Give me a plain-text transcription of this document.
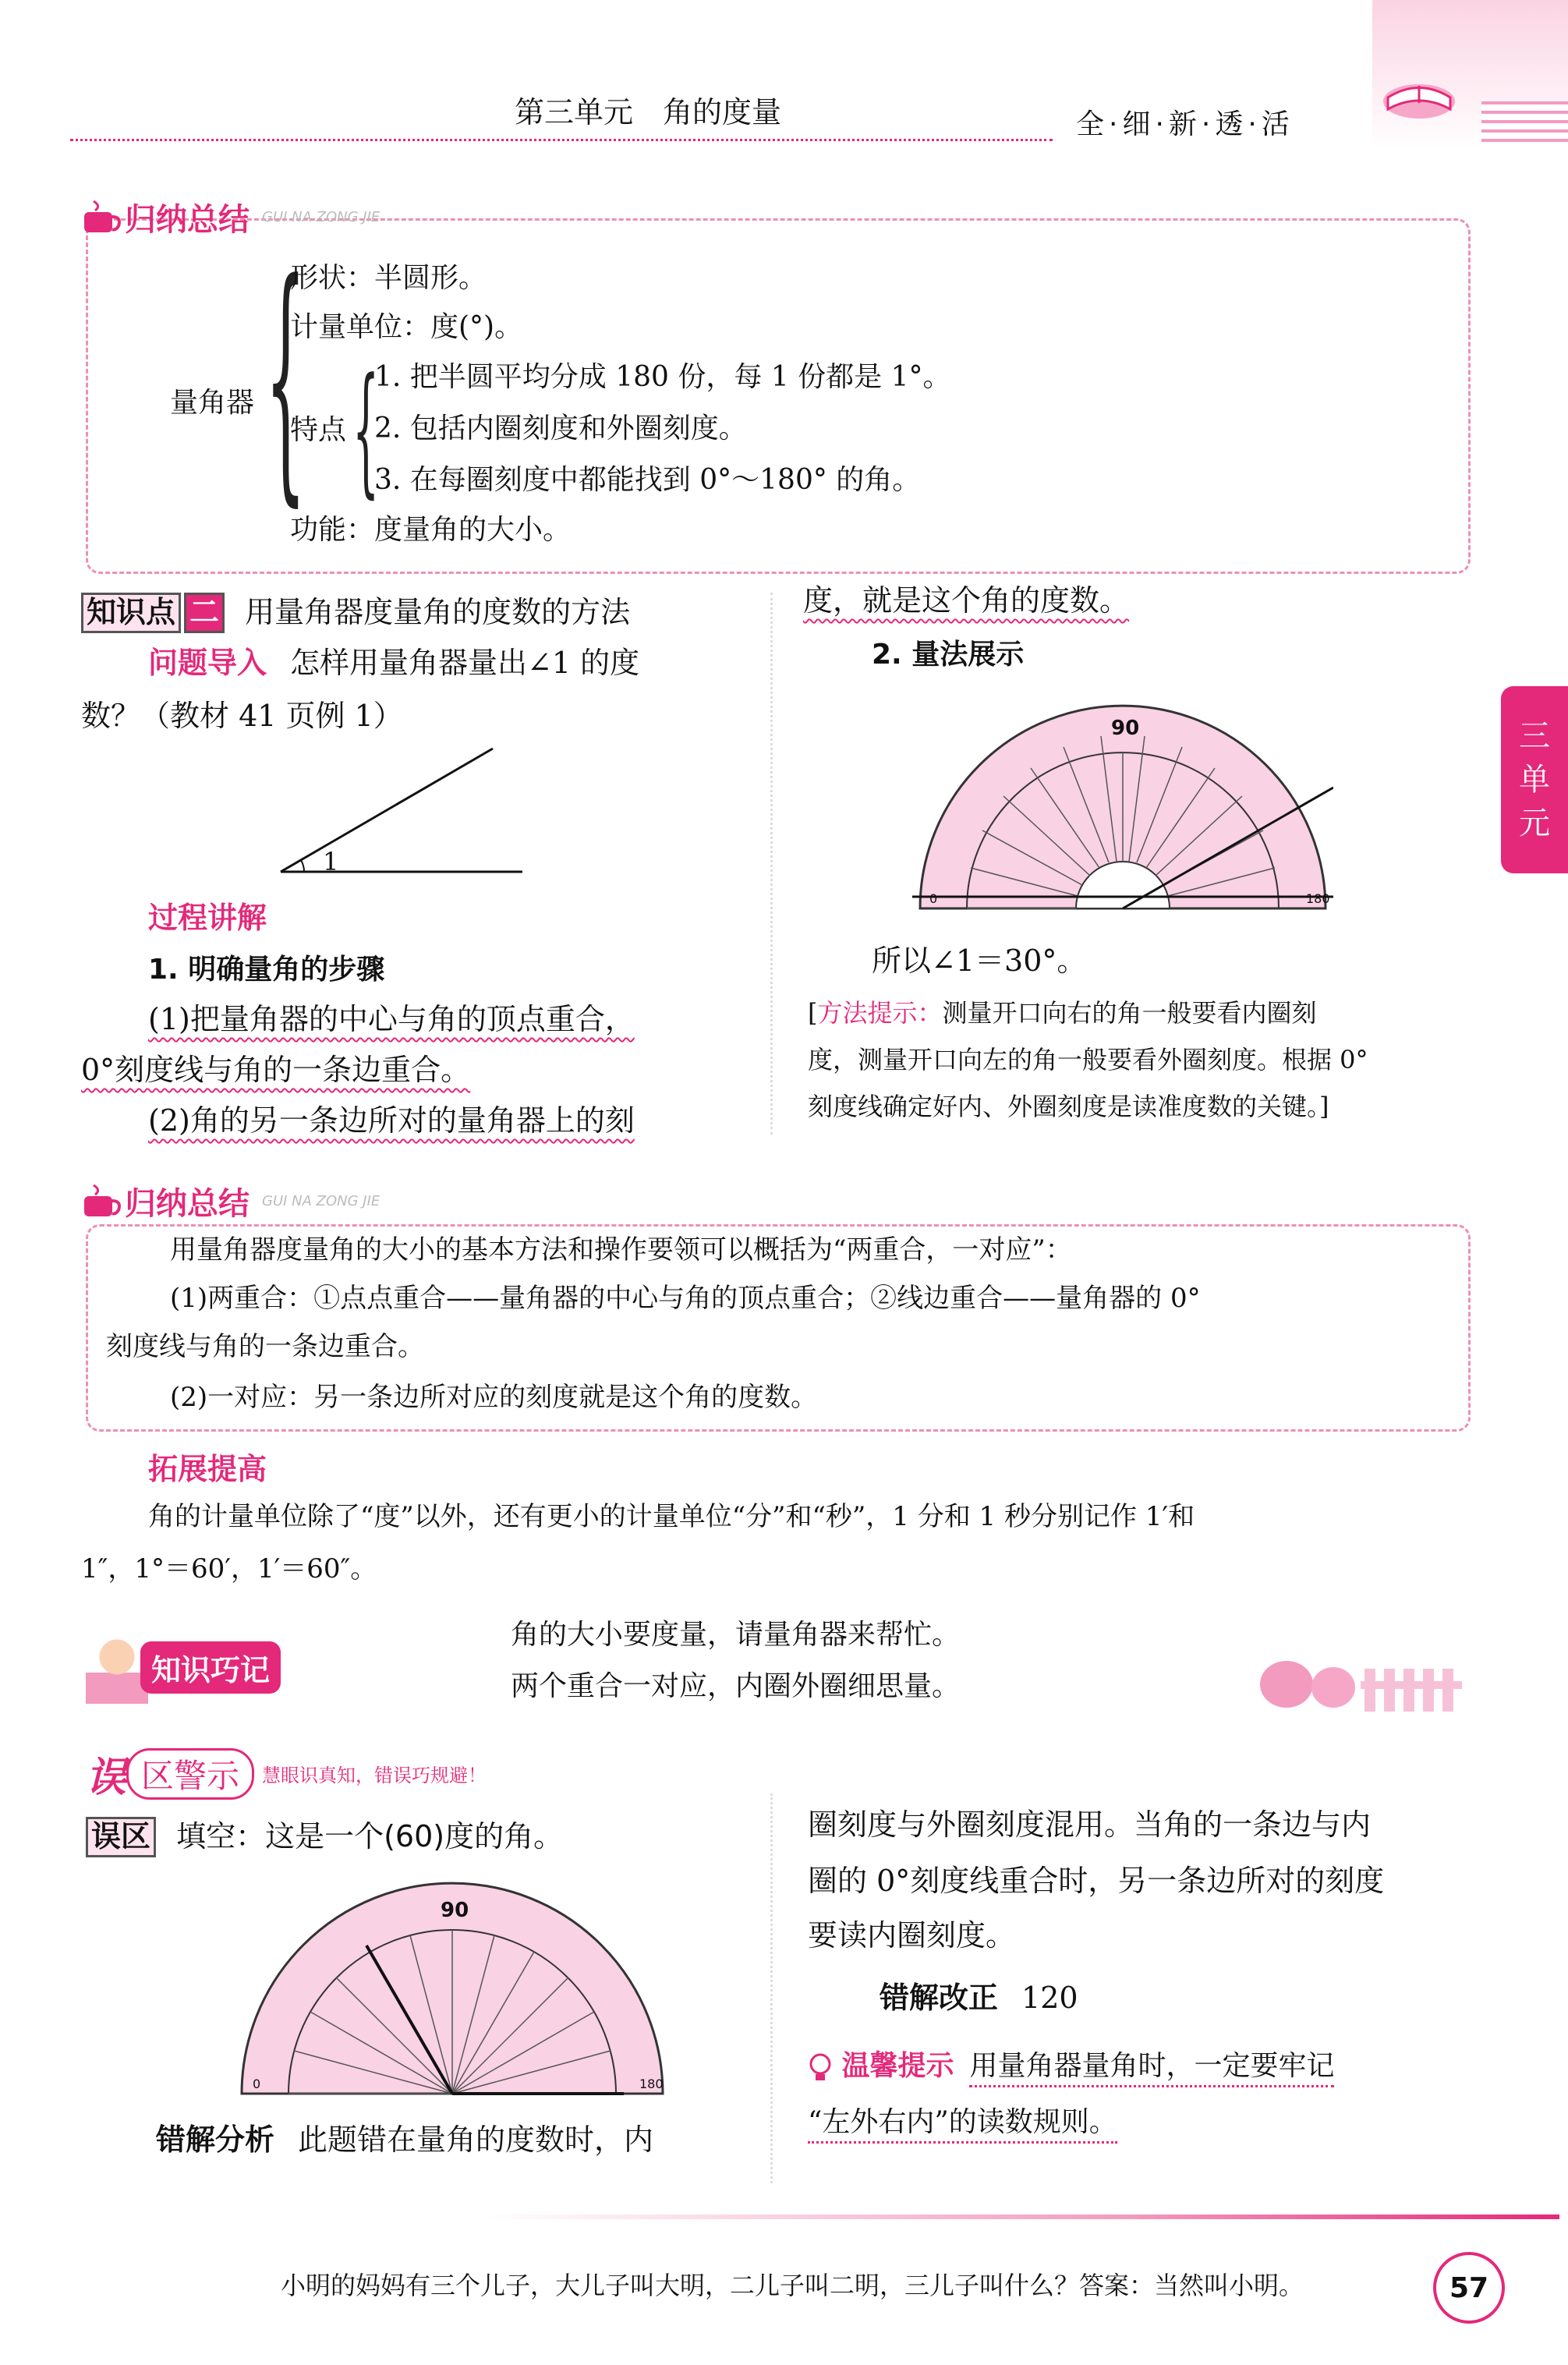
第三单元　角的度量	全·细·新·透·活
三
单
元
归纳总结 GUI NA ZONG JIE
量角器 {
形状：半圆形。
计量单位：度(°)。
特点 {
1. 把半圆平均分成 180 份，每 1 份都是 1°。
2. 包括内圈刻度和外圈刻度。
3. 在每圈刻度中都能找到 0°～180° 的角。
功能：度量角的大小。
知识点 二 用量角器度量角的度数的方法
问题导入 怎样用量角器量出∠1 的度
数？（教材 41 页例 1）
1
过程讲解
1. 明确量角的步骤
(1)把量角器的中心与角的顶点重合，
0°刻度线与角的一条边重合。
(2)角的另一条边所对的量角器上的刻
度，就是这个角的度数。
2. 量法展示
90
0	180
所以∠1＝30°。
[方法提示：测量开口向右的角一般要看内圈刻
度，测量开口向左的角一般要看外圈刻度。根据 0°
刻度线确定好内、外圈刻度是读准度数的关键。]
归纳总结 GUI NA ZONG JIE
用量角器度量角的大小的基本方法和操作要领可以概括为“两重合，一对应”：
(1)两重合：①点点重合——量角器的中心与角的顶点重合；②线边重合——量角器的 0°
刻度线与角的一条边重合。
(2)一对应：另一条边所对应的刻度就是这个角的度数。
拓展提高
角的计量单位除了“度”以外，还有更小的计量单位“分”和“秒”，1 分和 1 秒分别记作 1′和
1″，1°＝60′，1′＝60″。
知识巧记
角的大小要度量，请量角器来帮忙。
两个重合一对应，内圈外圈细思量。
误 区警示	慧眼识真知，错误巧规避！
误区 填空：这是一个(60)度的角。
90
0	180
错解分析 此题错在量角的度数时，内
圈刻度与外圈刻度混用。当角的一条边与内
圈的 0°刻度线重合时，另一条边所对的刻度
要读内圈刻度。
错解改正 120
温馨提示 用量角器量角时，一定要牢记
“左外右内”的读数规则。
小明的妈妈有三个儿子，大儿子叫大明，二儿子叫二明，三儿子叫什么？答案：当然叫小明。	57
